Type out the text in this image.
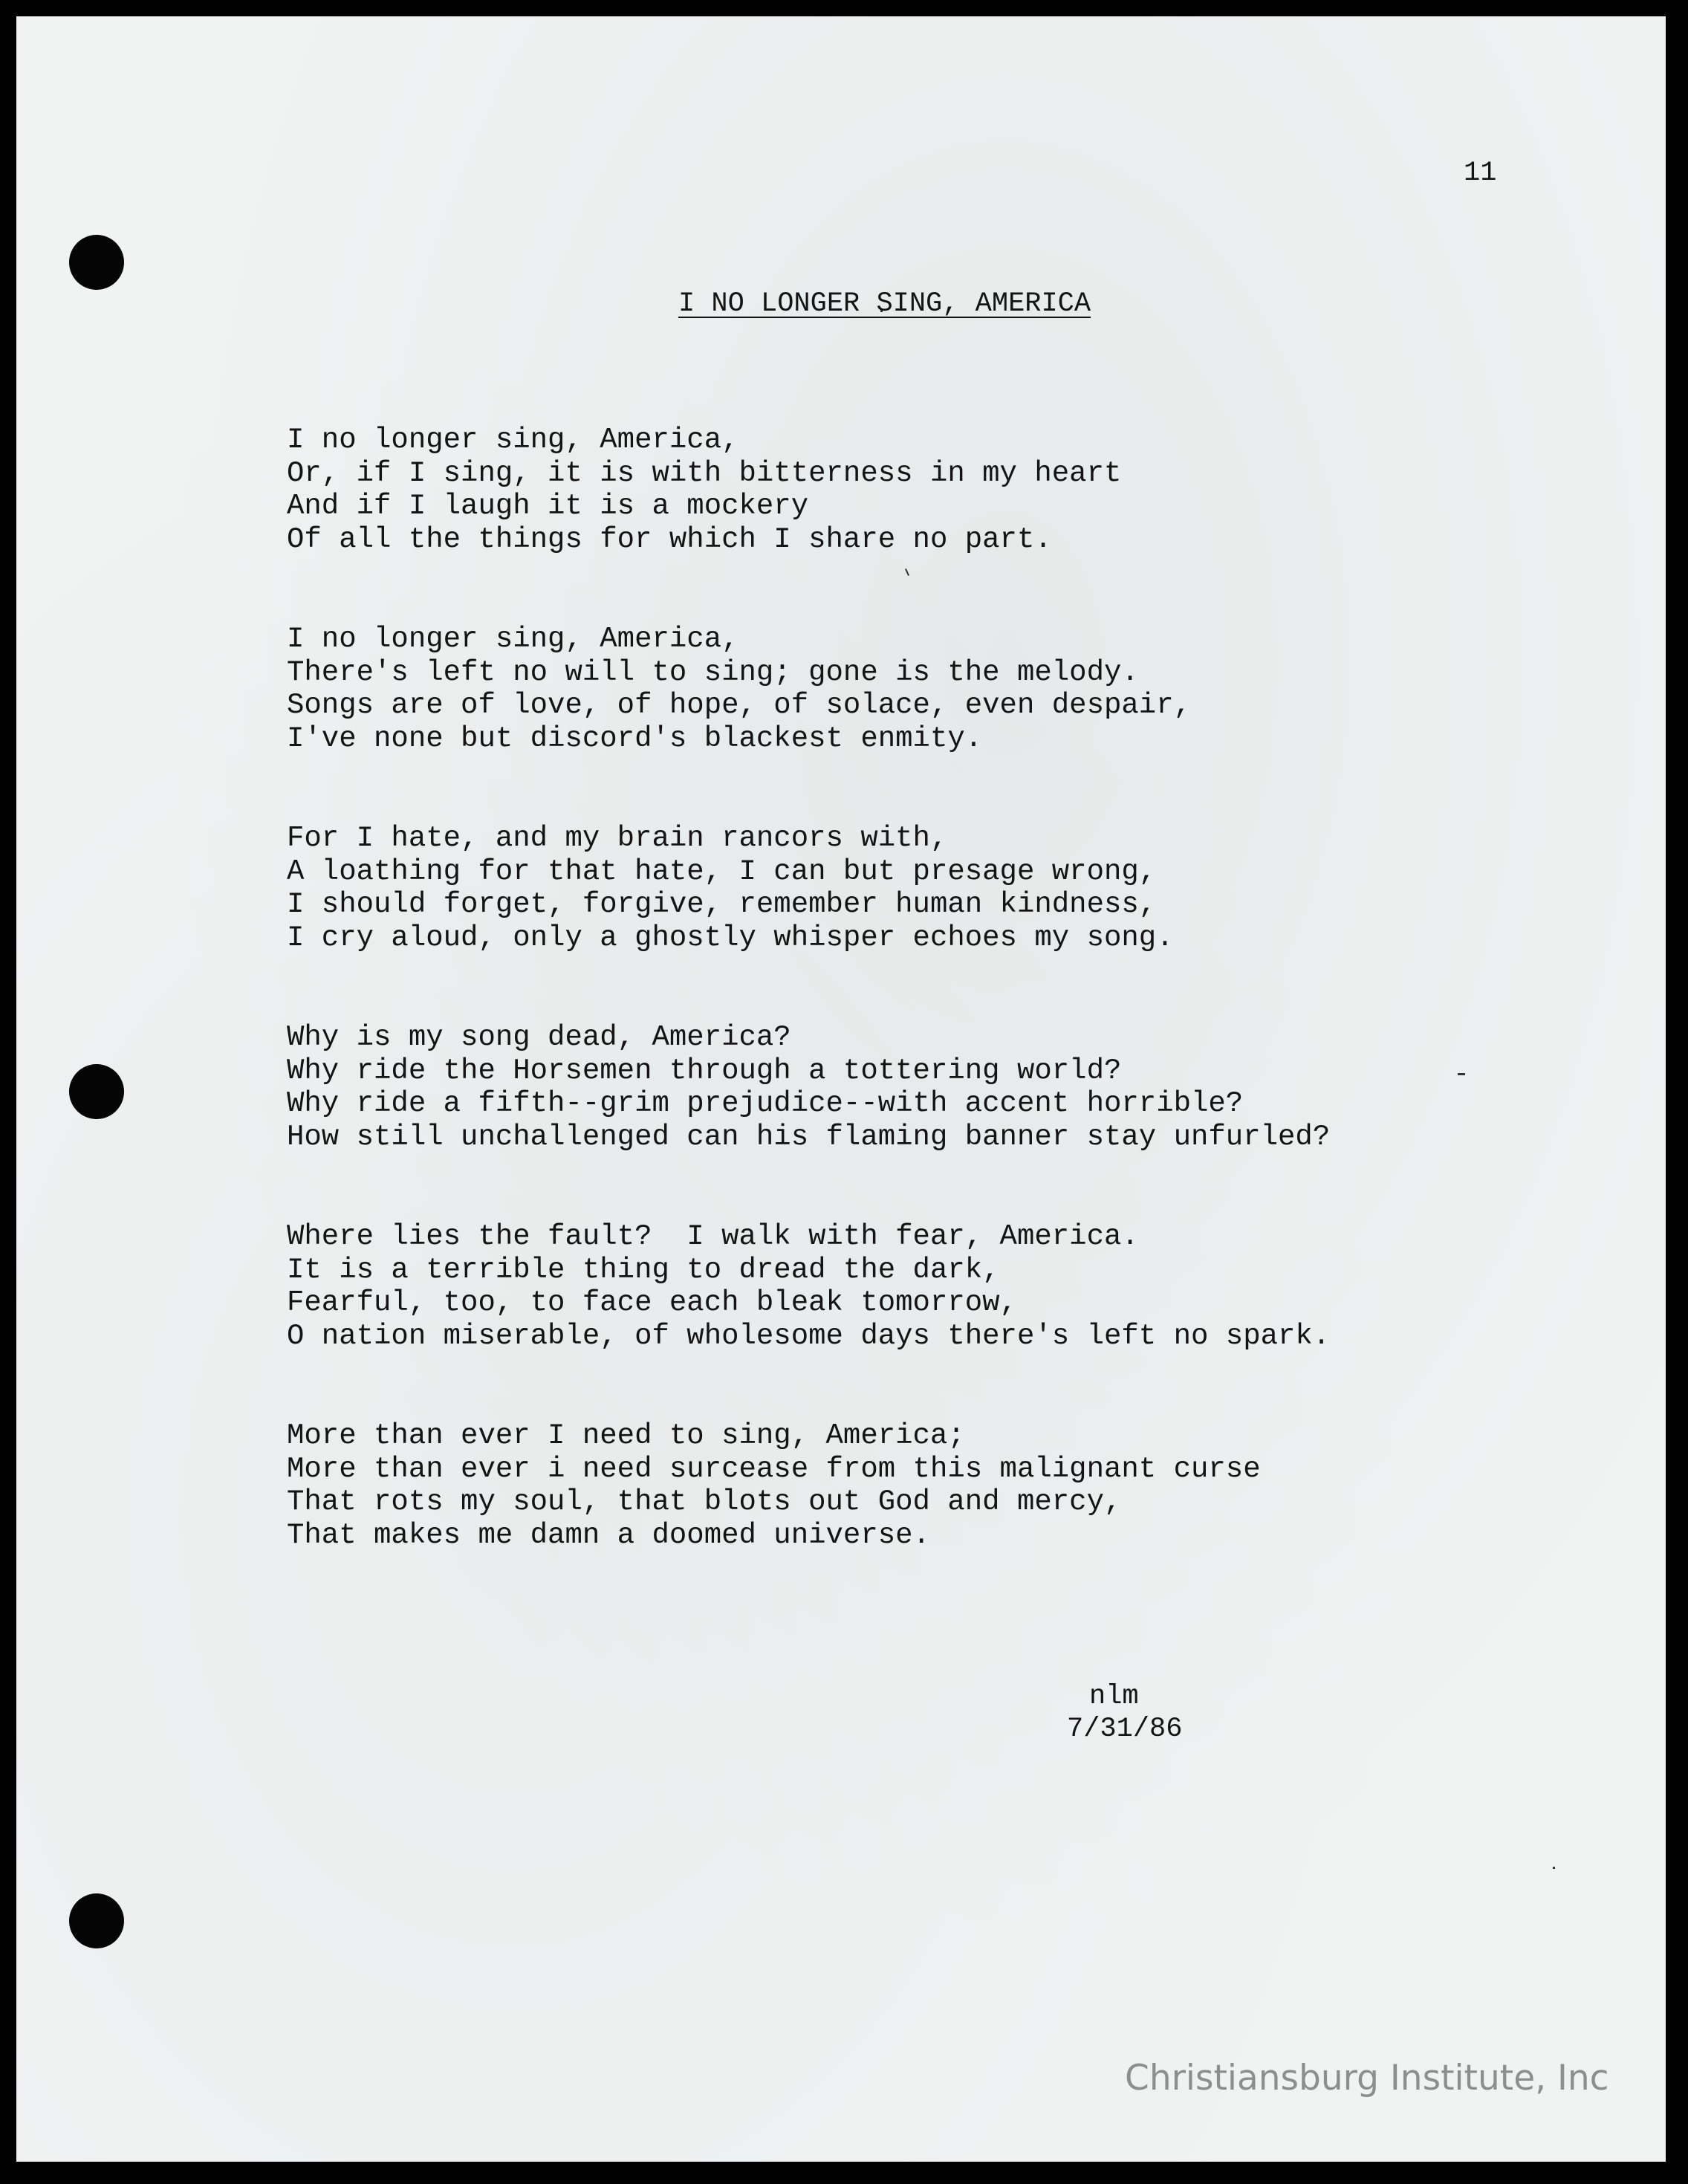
11
I NO LONGER SING, AMERICA
I no longer sing, America,
Or, if I sing, it is with bitterness in my heart
And if I laugh it is a mockery
Of all the things for which I share no part.
I no longer sing, America,
There's left no will to sing; gone is the melody.
Songs are of love, of hope, of solace, even despair,
I've none but discord's blackest enmity.
For I hate, and my brain rancors with,
A loathing for that hate, I can but presage wrong,
I should forget, forgive, remember human kindness,
I cry aloud, only a ghostly whisper echoes my song.
Why is my song dead, America?
Why ride the Horsemen through a tottering world?
Why ride a fifth--grim prejudice--with accent horrible?
How still unchallenged can his flaming banner stay unfurled?
Where lies the fault?  I walk with fear, America.
It is a terrible thing to dread the dark,
Fearful, too, to face each bleak tomorrow,
O nation miserable, of wholesome days there's left no spark.
More than ever I need to sing, America;
More than ever i need surcease from this malignant curse
That rots my soul, that blots out God and mercy,
That makes me damn a doomed universe.
nlm
7/31/86
Christiansburg Institute, Inc
